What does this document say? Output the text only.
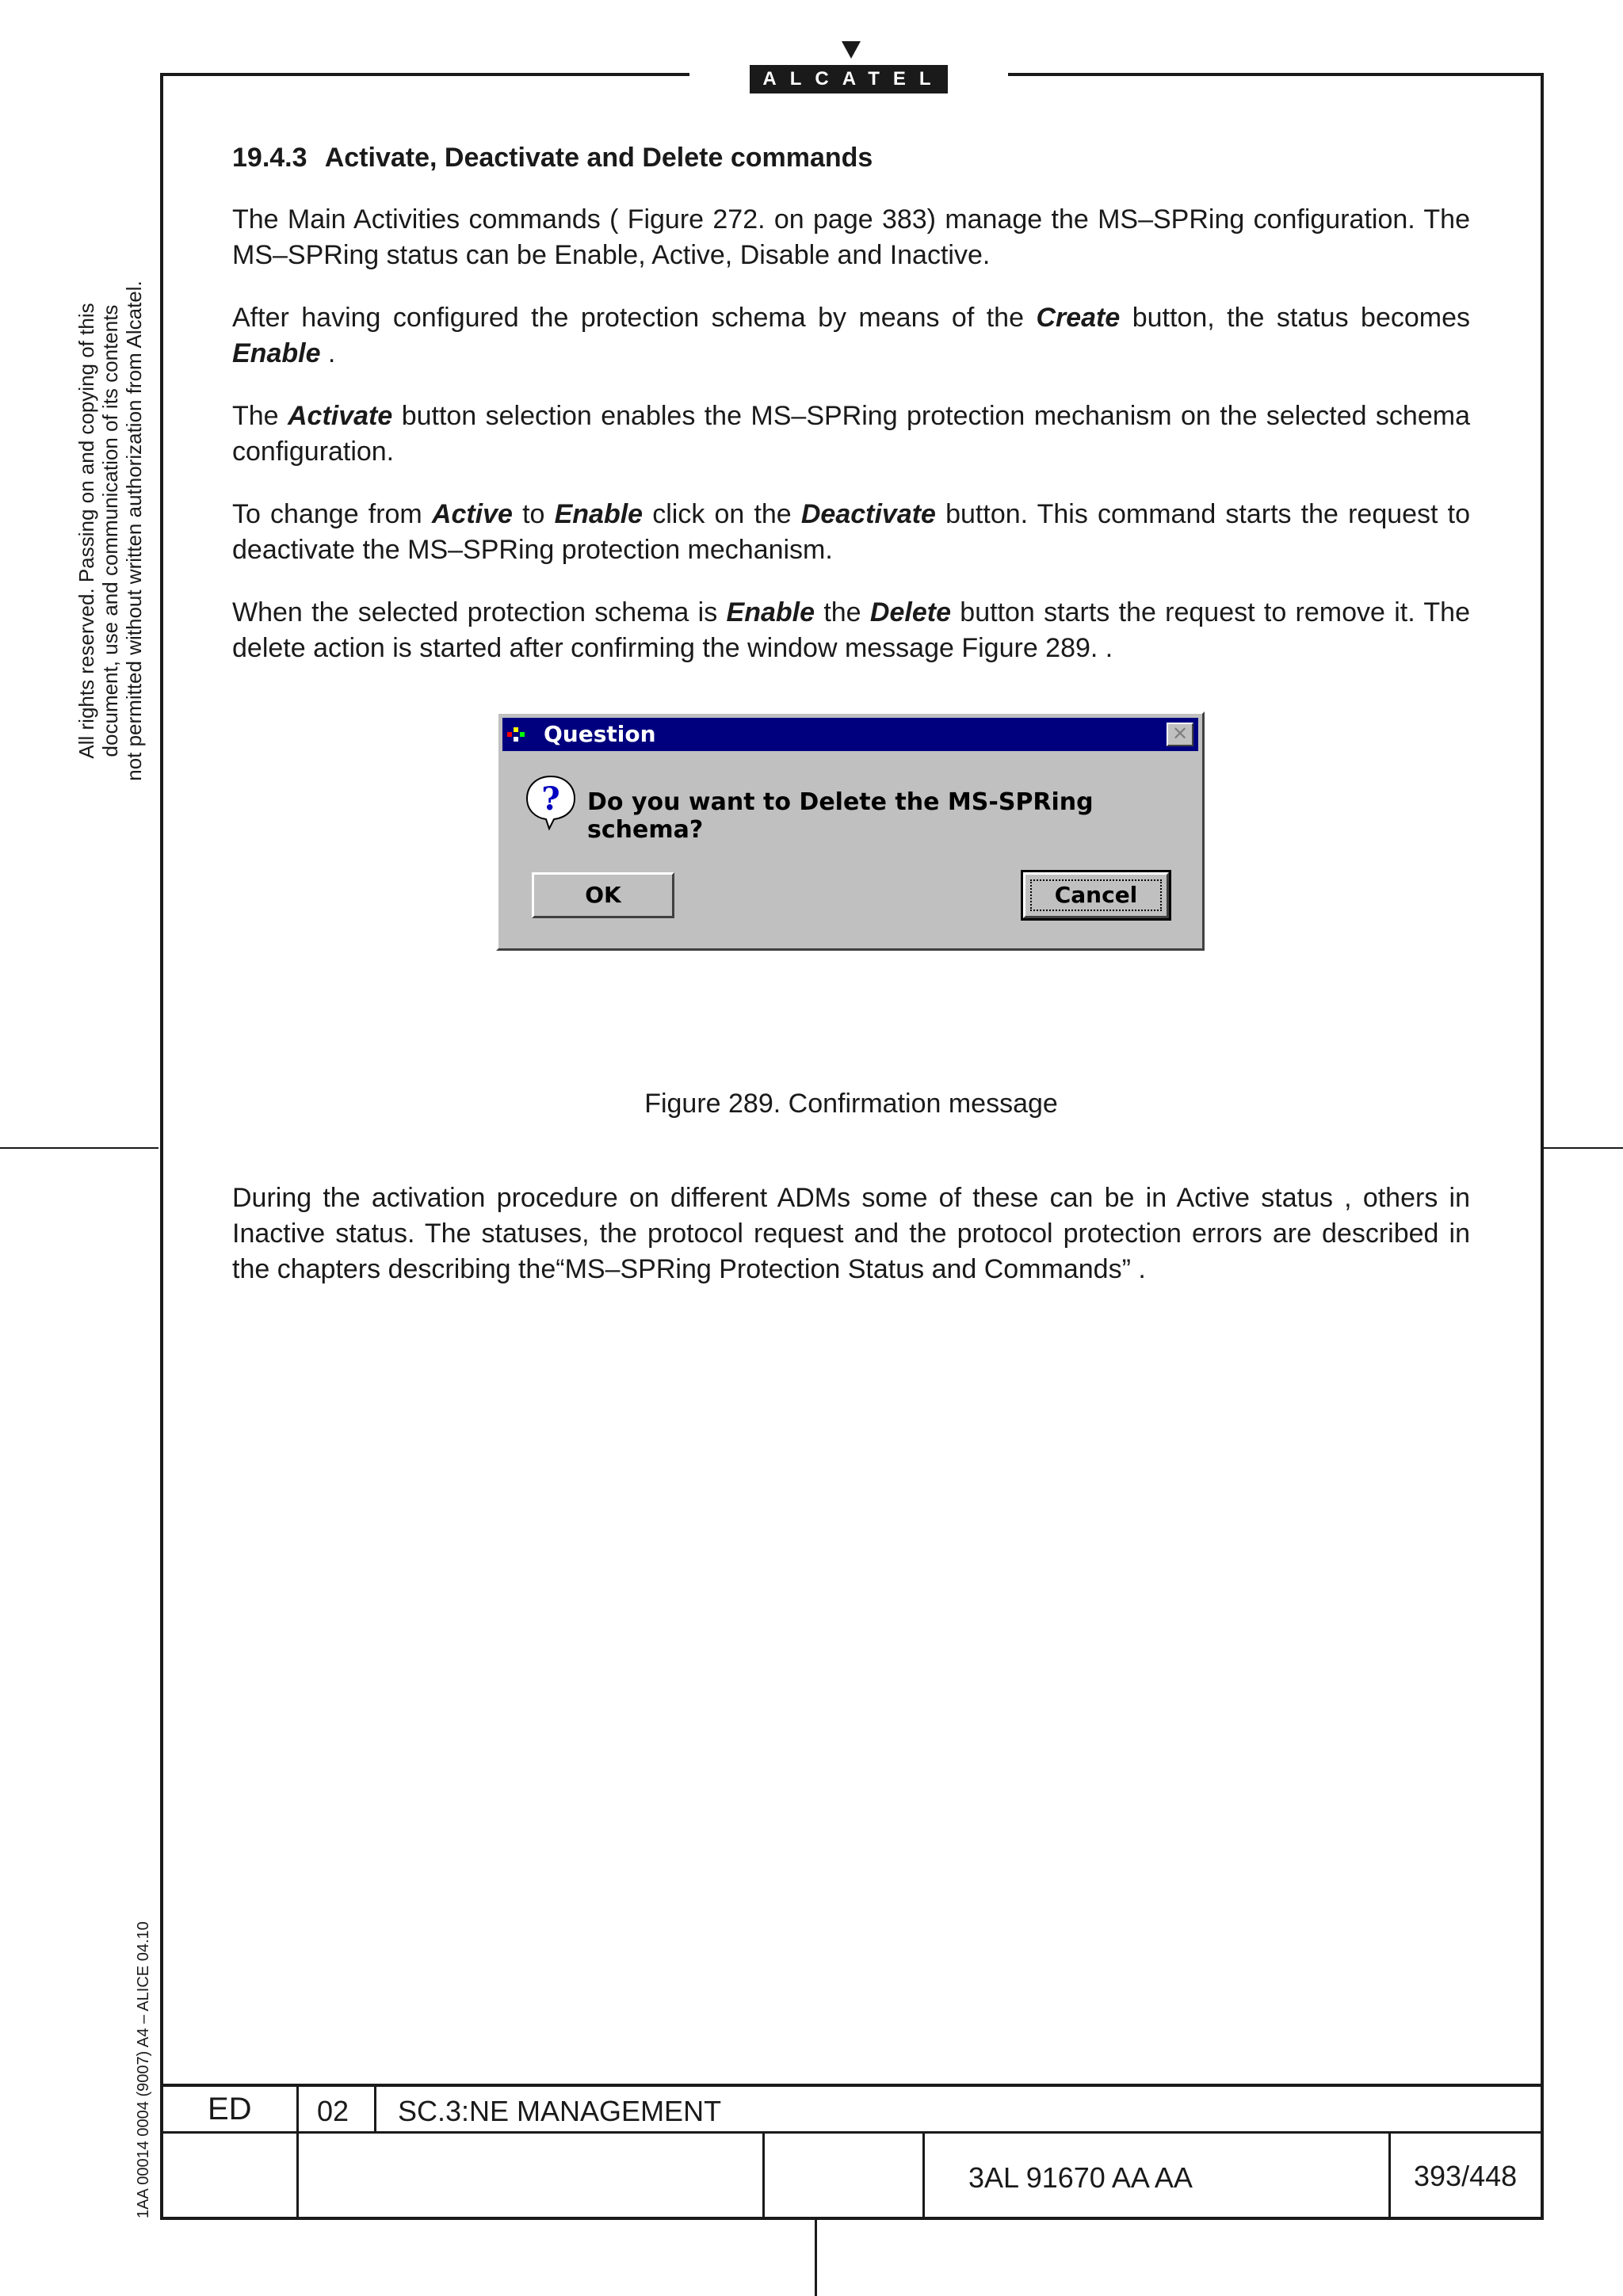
ALCATEL
All rights reserved. Passing on and copying of this document, use and communication of its contents not permitted without written authorization from Alcatel.
1AA 00014 0004 (9007) A4 – ALICE 04.10
19.4.3 Activate, Deactivate and Delete commands

The Main Activities commands ( Figure 272. on page 383) manage the MS–SPRing configuration. The MS–SPRing status can be Enable, Active, Disable and Inactive.

After having configured the protection schema by means of the Create button, the status becomes Enable .

The Activate button selection enables the MS–SPRing protection mechanism on the selected schema configuration.

To change from Active to Enable click on the Deactivate button. This command starts the request to deactivate the MS–SPRing protection mechanism.

When the selected protection schema is Enable the Delete button starts the request to remove it. The delete action is started after confirming the window message Figure 289. .

Question	✕
? Do you want to Delete the MS-SPRing schema?
OK	Cancel
Figure 289. Confirmation message

During the activation procedure on different ADMs some of these can be in Active status , others in Inactive status. The statuses, the protocol request and the protocol protection errors are described in the chapters describing the“MS–SPRing Protection Status and Commands” .

ED 02 SC.3:NE MANAGEMENT
3AL 91670 AA AA	393/448
